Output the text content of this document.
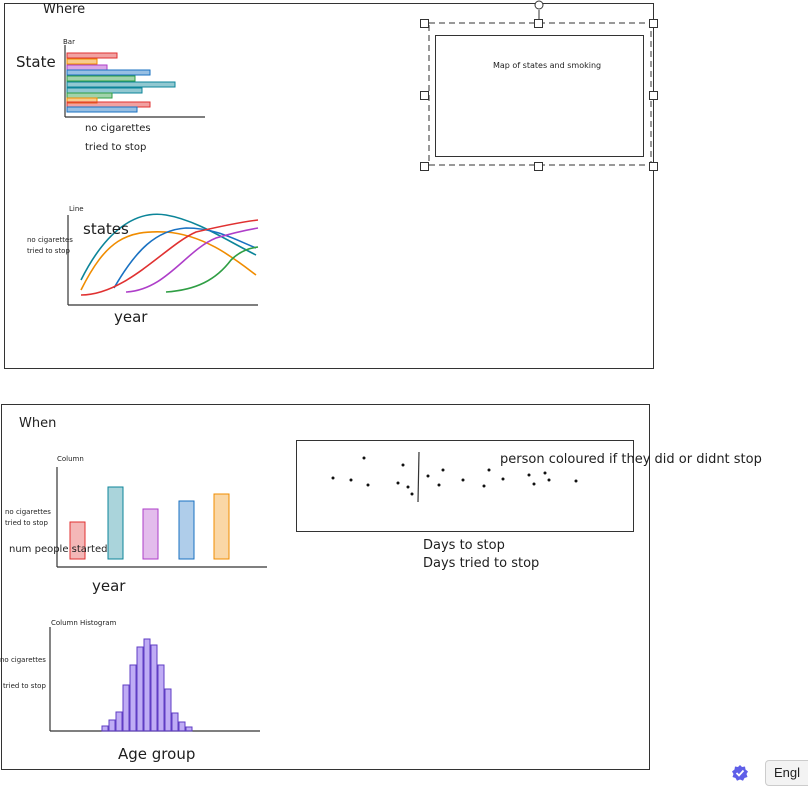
Where
Bar
State
no cigarettes
tried to stop
Map of states and smoking
Line
no cigarettes
tried to stop
states
year
When
Column
no cigarettes
tried to stop
num people started
year
Column Histogram
no cigarettes
tried to stop
Age group
person coloured if they did or didnt stop
Days to stop
Days tried to stop
Engl
